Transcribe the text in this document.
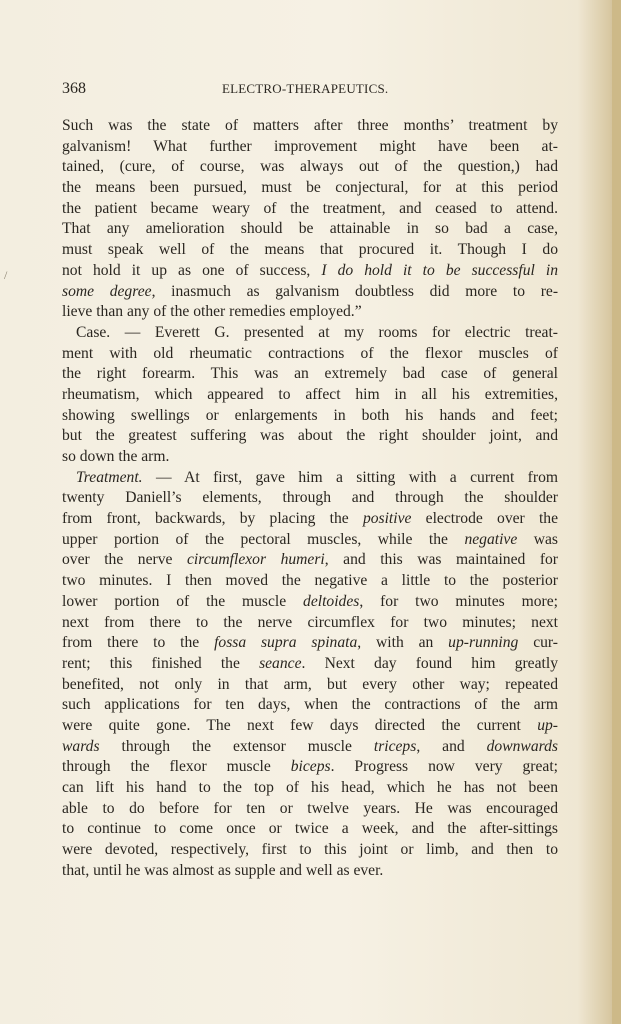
/
368	ELECTRO-THERAPEUTICS.
Such was the state of matters after three months’ treatment by
galvanism! What further improvement might have been at-
tained, (cure, of course, was always out of the question,) had
the means been pursued, must be conjectural, for at this period
the patient became weary of the treatment, and ceased to attend.
That any amelioration should be attainable in so bad a case,
must speak well of the means that procured it. Though I do
not hold it up as one of success, I do hold it to be successful in
some degree, inasmuch as galvanism doubtless did more to re-
lieve than any of the other remedies employed.”
Case. — Everett G. presented at my rooms for electric treat-
ment with old rheumatic contractions of the flexor muscles of
the right forearm. This was an extremely bad case of general
rheumatism, which appeared to affect him in all his extremities,
showing swellings or enlargements in both his hands and feet;
but the greatest suffering was about the right shoulder joint, and
so down the arm.
Treatment. — At first, gave him a sitting with a current from
twenty Daniell’s elements, through and through the shoulder
from front, backwards, by placing the positive electrode over the
upper portion of the pectoral muscles, while the negative was
over the nerve circumflexor humeri, and this was maintained for
two minutes. I then moved the negative a little to the posterior
lower portion of the muscle deltoides, for two minutes more;
next from there to the nerve circumflex for two minutes; next
from there to the fossa supra spinata, with an up-running cur-
rent; this finished the seance. Next day found him greatly
benefited, not only in that arm, but every other way; repeated
such applications for ten days, when the contractions of the arm
were quite gone. The next few days directed the current up-
wards through the extensor muscle triceps, and downwards
through the flexor muscle biceps. Progress now very great;
can lift his hand to the top of his head, which he has not been
able to do before for ten or twelve years. He was encouraged
to continue to come once or twice a week, and the after-sittings
were devoted, respectively, first to this joint or limb, and then to
that, until he was almost as supple and well as ever.
